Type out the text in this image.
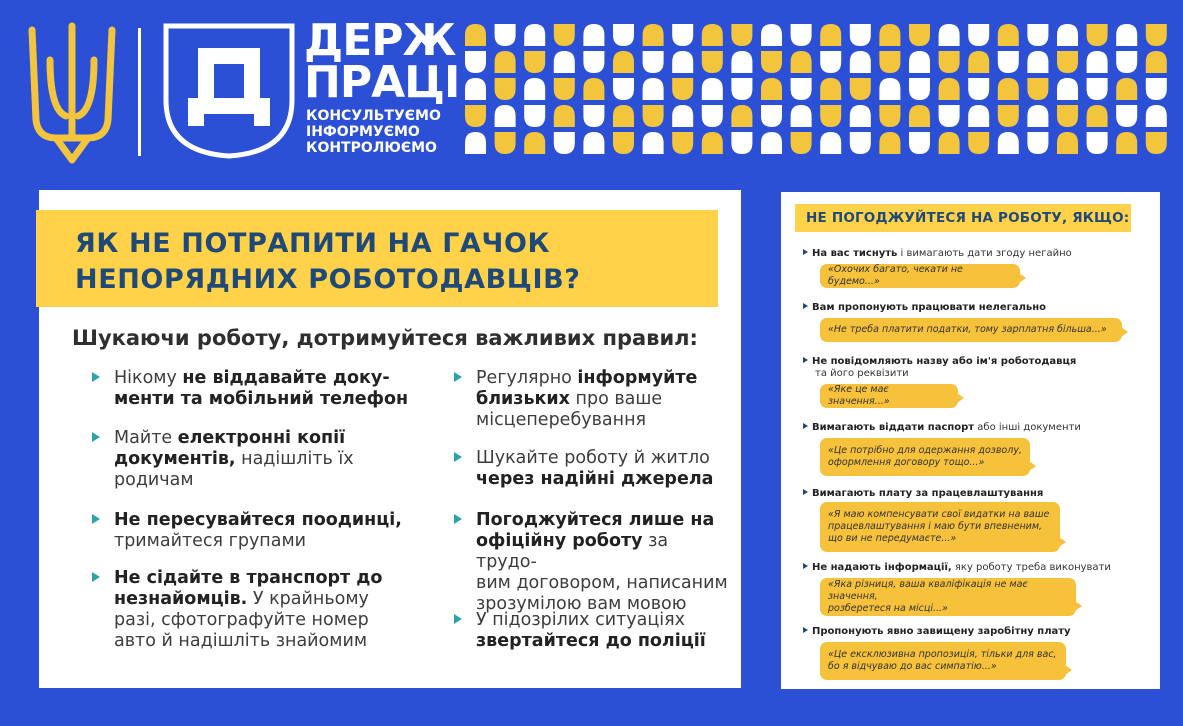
ДЕРЖ
ПРАЦІ
КОНСУЛЬТУЄМО
ІНФОРМУЄМО
КОНТРОЛЮЄМО
ЯК НЕ ПОТРАПИТИ НА ГАЧОК
НЕПОРЯДНИХ РОБОТОДАВЦІВ?
Шукаючи роботу, дотримуйтеся важливих правил:
Нікому не віддавайте доку-
менти та мобільний телефон
Майте електронні копії
документів, надішліть їх
родичам
Не пересувайтеся поодинці,
тримайтеся групами
Не сідайте в транспорт до
незнайомців. У крайньому
разі, сфотографуйте номер
авто й надішліть знайомим
Регулярно інформуйте
близьких про ваше
місцеперебування
Шукайте роботу й житло
через надійні джерела
Погоджуйтеся лише на
офіційну роботу за трудо-
вим договором, написаним
зрозумілою вам мовою
У підозрілих ситуаціях
звертайтеся до поліції
НЕ ПОГОДЖУЙТЕСЯ НА РОБОТУ, ЯКЩО:
На вас тиснуть і вимагають дати згоду негайно
«Охочих багато, чекати не будемо...»
Вам пропонують працювати нелегально
«Не треба платити податки, тому зарплатня більша...»
Не повідомляють назву або ім'я роботодавця
та його реквізити
«Яке це має значення...»
Вимагають віддати паспорт або інші документи
«Це потрібно для одержання дозволу,
оформлення договору тощо...»
Вимагають плату за працевлаштування
«Я маю компенсувати свої видатки на ваше
працевлаштування і маю бути впевненим,
що ви не передумаєте...»
Не надають інформації, яку роботу треба виконувати
«Яка різниця, ваша кваліфікація не має значення,
розберетеся на місці...»
Пропонують явно завищену заробітну плату
«Це ексклюзивна пропозиція, тільки для вас,
бо я відчуваю до вас симпатію...»
